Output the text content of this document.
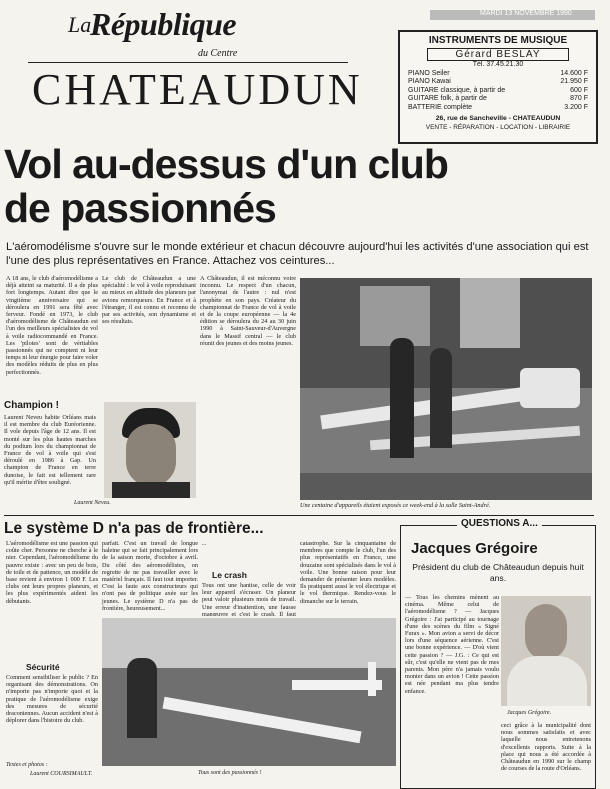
La
République
du Centre
CHATEAUDUN
MARDI 13 NOVEMBRE 1990
INSTRUMENTS DE MUSIQUE
Gérard BESLAY
Tél. 37.45.21.30
PIANO Seiler	14.600 F
PIANO Kawai	21.950 F
GUITARE classique, à partir de	600 F
GUITARE folk, à partir de	870 F
BATTERIE complète	3.200 F
26, rue de Sancheville - CHATEAUDUN
VENTE - RÉPARATION - LOCATION - LIBRAIRIE
Vol au-dessus d'un club
de passionnés
L'aéromodélisme s'ouvre sur le monde extérieur et chacun découvre aujourd'hui les activités d'une association qui est l'une des plus représentatives en France. Attachez vos ceintures...
A 18 ans, le club d'aéromodélisme a déjà atteint sa maturité. Il a de plus fort longtemps. Autant dire que le vingtième anniversaire qui se déroulera en 1991 sera fêté avec ferveur. Fondé en 1973, le club d'aéromodélisme de Châteaudun est l'un des meilleurs spécialistes de vol à voile radiocommandé en France. Les 'pilotes' sont de véritables passionnés qui ne comptent ni leur temps ni leur énergie pour faire voler des modèles réduits de plus en plus perfectionnés.
Le club de Châteaudun a une spécialité : le vol à voile reproduisant au mieux en altitude des planeurs par avions remorqueurs. En France et à l'étranger, il est connu et reconnu de par ses activités, son dynamisme et ses résultats.
A Châteaudun, il est méconnu voire inconnu. Le respect d'un chacun, l'anonymat de l'autre : nul n'est prophète en son pays. Créateur du championnat de France de vol à voile et de la coupe européenne — la 4e édition se déroulera du 24 au 30 juin 1990 à Saint-Sauveur-d'Auvergne dans le Massif central — le club réunit des jeunes et des moins jeunes.
Champion !
Laurent Neveu habite Orléans mais il est membre du club Euréorienne. Il vole depuis l'âge de 12 ans. Il est monté sur les plus hautes marches du podium lors du championnat de France de vol à voile qui s'est déroulé en 1986 à Gap. Un champion de France en terre dunoise, le fait est tellement rare qu'il mérite d'être souligné.
Laurent Neveu.	Une centaine d'appareils étaient exposés ce week-end à la salle Saint-André.
Le système D n'a pas de frontière...
L'aéromodélisme est une passion qui coûte cher. Personne ne cherche à le nier. Cependant, l'aéromodélisme du pauvre existe : avec un peu de bois, de toile et de patience, un modèle de base revient à environ 1 000 F. Les clubs ont leurs propres planeurs, et les plus expérimentés aident les débutants.
Sécurité
Comment sensibiliser le public ? En organisant des démonstrations. On n'importe pas n'importe quoi et la pratique de l'aéromodélisme exige des mesures de sécurité draconiennes. Aucun accident n'est à déplorer dans l'histoire du club.
Textes et photos :
Laurent COURSIMAULT.
parfait. C'est un travail de longue haleine qui se fait principalement lors de la saison morte, d'octobre à avril. Du côté des aéromodélistes, on regrette de ne pas travailler avec le matériel français. Il faut tout importer. C'est la faute aux constructeurs qui n'ont pas de politique axée sur les jeunes. Le système D n'a pas de frontière, heureusement...
...
Le crash
Tous ont une hantise, celle de voir leur appareil s'écraser. Un planeur peut valoir plusieurs mois de travail. Une erreur d'inattention, une fausse manœuvre et c'est le crash. Il faut
catastrophe. Sur la cinquantaine de membres que compte le club, l'un des plus représentatifs en France, une douzaine sont spécialisés dans le vol à voile. Une bonne raison pour leur demander de présenter leurs modèles. Ils pratiquent aussi le vol électrique et le vol thermique. Rendez-vous le dimanche sur le terrain.
Tous sont des passionnés !
QUESTIONS A...
Jacques Grégoire
Président du club de Châteaudun depuis huit ans.
— Tous les chemins mènent au cinéma. Même celui de l'aéromodélisme ? — Jacques Grégoire : J'ai participé au tournage d'une des scènes du film « Signé Furax ». Mon avion a servi de décor lors d'une séquence aérienne. C'est une bonne expérience. — D'où vient cette passion ? — J.G. : Ce qui est sûr, c'est qu'elle ne vient pas de mes parents. Mon père n'a jamais voulu monter dans un avion ! Cette passion est née pendant ma plus tendre enfance.
Jacques Grégoire.
ceci grâce à la municipalité dont nous sommes satisfaits et avec laquelle nous entretenons d'excellents rapports. Suite à la place qui nous a été accordée à Châteaudun en 1990 sur le champ de courses de la route d'Orléans.
